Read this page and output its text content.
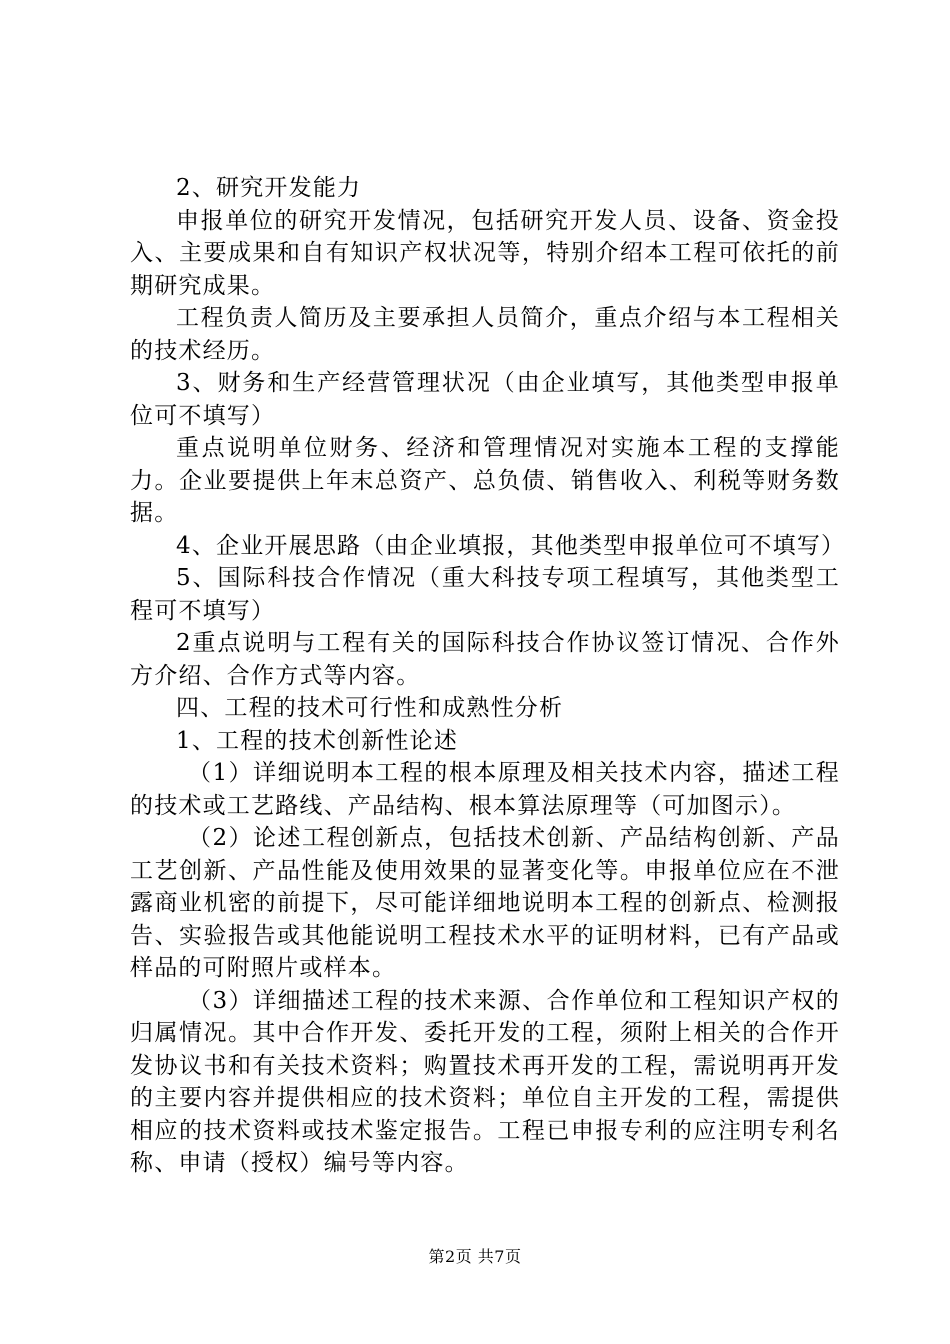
2、研究开发能力

申报单位的研究开发情况，包括研究开发人员、设备、资金投入、主要成果和自有知识产权状况等，特别介绍本工程可依托的前期研究成果。

工程负责人简历及主要承担人员简介，重点介绍与本工程相关的技术经历。

3、财务和生产经营管理状况（由企业填写，其他类型申报单位可不填写）

重点说明单位财务、经济和管理情况对实施本工程的支撑能力。企业要提供上年末总资产、总负债、销售收入、利税等财务数据。

4、企业开展思路（由企业填报，其他类型申报单位可不填写）

5、国际科技合作情况（重大科技专项工程填写，其他类型工程可不填写）

2重点说明与工程有关的国际科技合作协议签订情况、合作外方介绍、合作方式等内容。

四、工程的技术可行性和成熟性分析

1、工程的技术创新性论述

（1）详细说明本工程的根本原理及相关技术内容，描述工程的技术或工艺路线、产品结构、根本算法原理等（可加图示）。

（2）论述工程创新点，包括技术创新、产品结构创新、产品工艺创新、产品性能及使用效果的显著变化等。申报单位应在不泄露商业机密的前提下，尽可能详细地说明本工程的创新点、检测报告、实验报告或其他能说明工程技术水平的证明材料，已有产品或样品的可附照片或样本。

（3）详细描述工程的技术来源、合作单位和工程知识产权的归属情况。其中合作开发、委托开发的工程，须附上相关的合作开发协议书和有关技术资料；购置技术再开发的工程，需说明再开发的主要内容并提供相应的技术资料；单位自主开发的工程，需提供相应的技术资料或技术鉴定报告。工程已申报专利的应注明专利名称、申请（授权）编号等内容。

第2页 共7页
